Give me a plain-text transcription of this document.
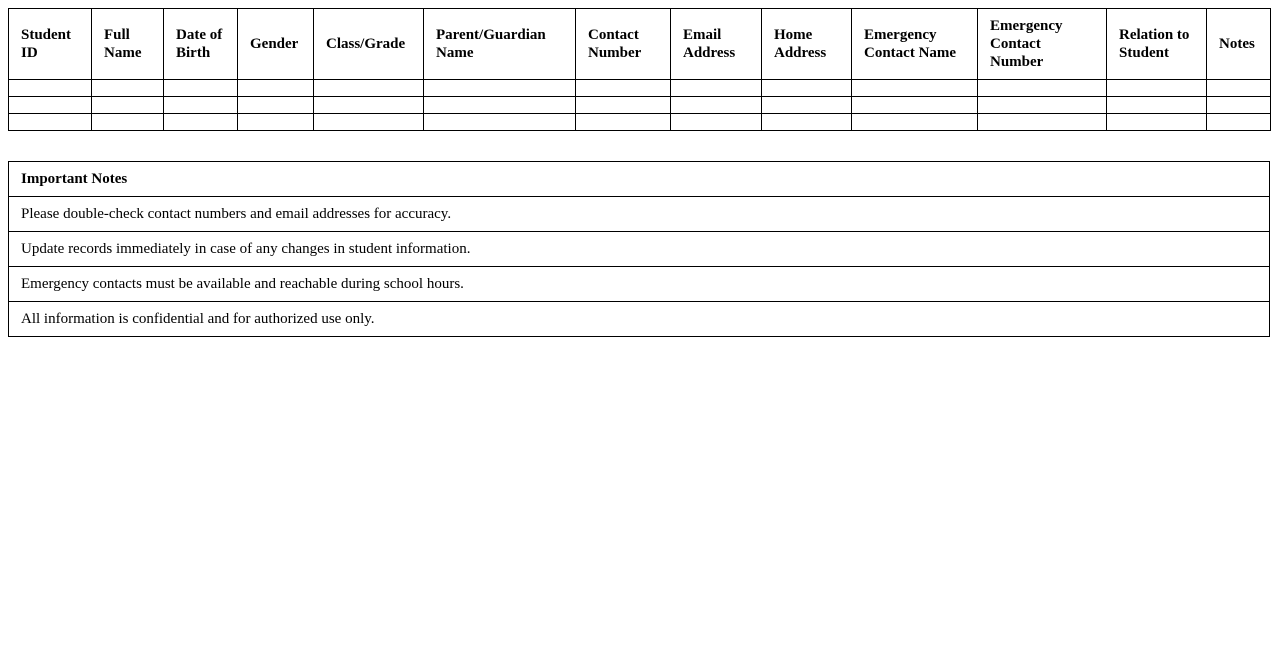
Student ID	Full Name	Date of Birth	Gender	Class/Grade	Parent/Guardian Name	Contact Number	Email Address	Home Address	Emergency Contact Name	Emergency Contact Number	Relation to Student	Notes

Important Notes
Please double-check contact numbers and email addresses for accuracy.
Update records immediately in case of any changes in student information.
Emergency contacts must be available and reachable during school hours.
All information is confidential and for authorized use only.
